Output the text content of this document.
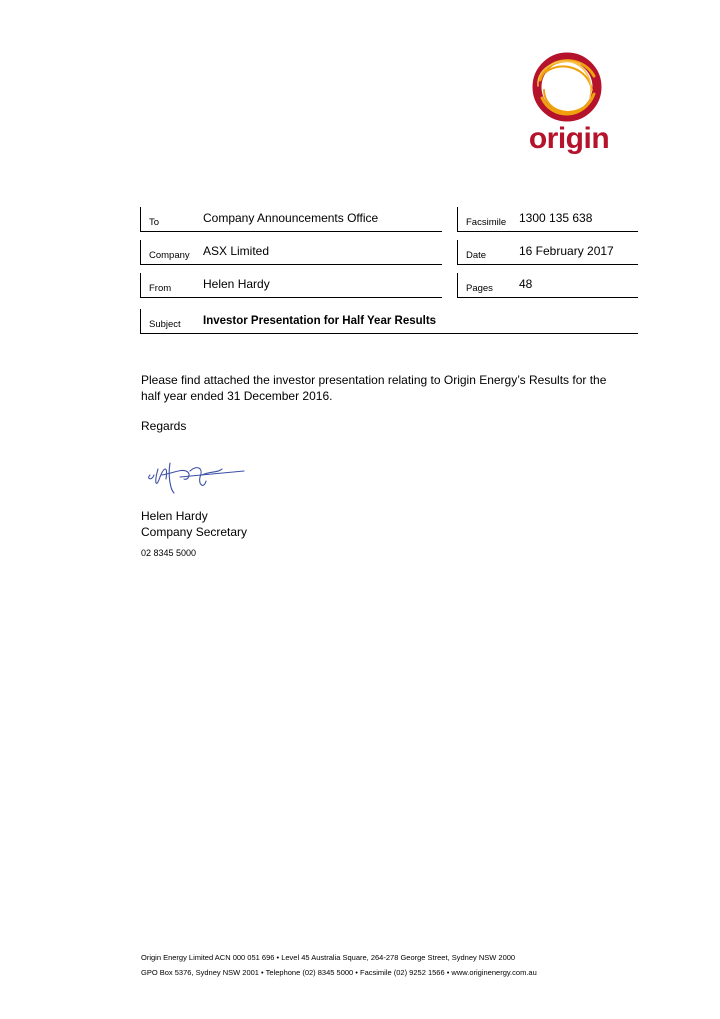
origin
To	Company Announcements Office	Facsimile 1300 135 638
Company ASX Limited	Date	16 February 2017
From	Helen Hardy	Pages 48
Subject Investor Presentation for Half Year Results
Please find attached the investor presentation relating to Origin Energy’s Results for the
half year ended 31 December 2016.
Regards
Helen Hardy
Company Secretary
02 8345 5000
Origin Energy Limited ACN 000 051 696 • Level 45 Australia Square, 264-278 George Street, Sydney NSW 2000
GPO Box 5376, Sydney NSW 2001 • Telephone (02) 8345 5000 • Facsimile (02) 9252 1566 • www.originenergy.com.au
